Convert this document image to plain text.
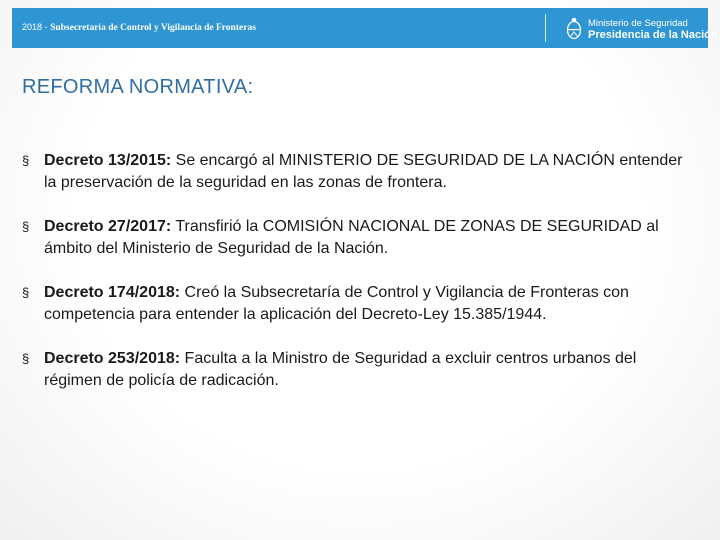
2018 - Subsecretaría de Control y Vigilancia de Fronteras	Ministerio de Seguridad
Presidencia de la Nación
REFORMA NORMATIVA:
§ Decreto 13/2015: Se encargó al MINISTERIO DE SEGURIDAD DE LA NACIÓN entender la preservación de la seguridad en las zonas de frontera.
§ Decreto 27/2017: Transfirió la COMISIÓN NACIONAL DE ZONAS DE SEGURIDAD al ámbito del Ministerio de Seguridad de la Nación.
§ Decreto 174/2018: Creó la Subsecretaría de Control y Vigilancia de Fronteras con competencia para entender la aplicación del Decreto-Ley 15.385/1944.
§ Decreto 253/2018: Faculta a la Ministro de Seguridad a excluir centros urbanos del régimen de policía de radicación.
